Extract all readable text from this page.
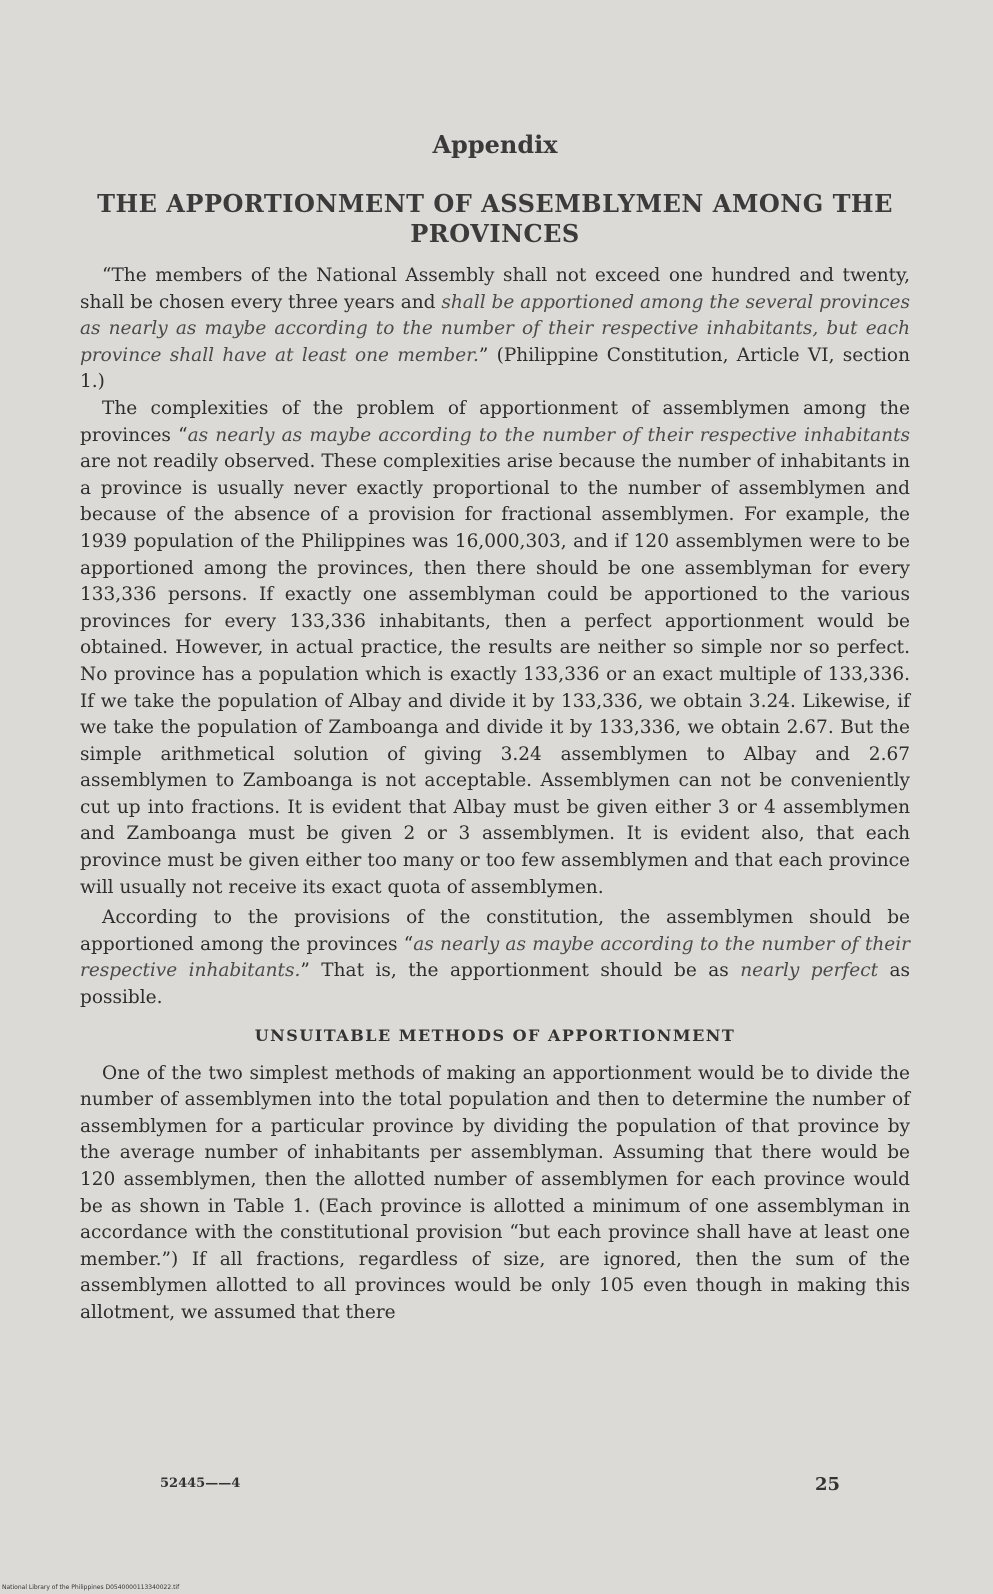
Appendix
THE APPORTIONMENT OF ASSEMBLYMEN AMONG THE PROVINCES

“The members of the National Assembly shall not exceed one hundred and twenty, shall be chosen every three years and shall be apportioned among the several provinces as nearly as maybe according to the number of their respective inhabitants, but each province shall have at least one member.” (Philippine Constitution, Article VI, section 1.)

The complexities of the problem of apportionment of assemblymen among the provinces “as nearly as maybe according to the number of their respective inhabitants are not readily observed. These complexities arise because the number of inhabitants in a province is usually never exactly proportional to the number of assemblymen and because of the absence of a provision for fractional assemblymen. For example, the 1939 population of the Philippines was 16,000,303, and if 120 assemblymen were to be apportioned among the provinces, then there should be one assemblyman for every 133,336 persons. If exactly one assemblyman could be apportioned to the various provinces for every 133,336 inhabitants, then a perfect apportionment would be obtained. However, in actual practice, the results are neither so simple nor so perfect. No province has a population which is exactly 133,336 or an exact multiple of 133,336. If we take the population of Albay and divide it by 133,336, we obtain 3.24. Likewise, if we take the population of Zamboanga and divide it by 133,336, we obtain 2.67. But the simple arithmetical solution of giving 3.24 assemblymen to Albay and 2.67 assemblymen to Zamboanga is not acceptable. Assemblymen can not be conveniently cut up into fractions. It is evident that Albay must be given either 3 or 4 assemblymen and Zamboanga must be given 2 or 3 assemblymen. It is evident also, that each province must be given either too many or too few assemblymen and that each province will usually not receive its exact quota of assemblymen.

According to the provisions of the constitution, the assemblymen should be apportioned among the provinces “as nearly as maybe according to the number of their respective inhabitants.” That is, the apportionment should be as nearly perfect as possible.

UNSUITABLE METHODS OF APPORTIONMENT

One of the two simplest methods of making an apportionment would be to divide the number of assemblymen into the total population and then to determine the number of assemblymen for a particular province by dividing the population of that province by the average number of inhabitants per assemblyman. Assuming that there would be 120 assemblymen, then the allotted number of assemblymen for each province would be as shown in Table 1. (Each province is allotted a minimum of one assemblyman in accordance with the constitutional provision “but each province shall have at least one member.”) If all fractions, regardless of size, are ignored, then the sum of the assemblymen allotted to all provinces would be only 105 even though in making this allotment, we assumed that there

52445——4	25
National Library of the Philippines D0540000113340022.tif
